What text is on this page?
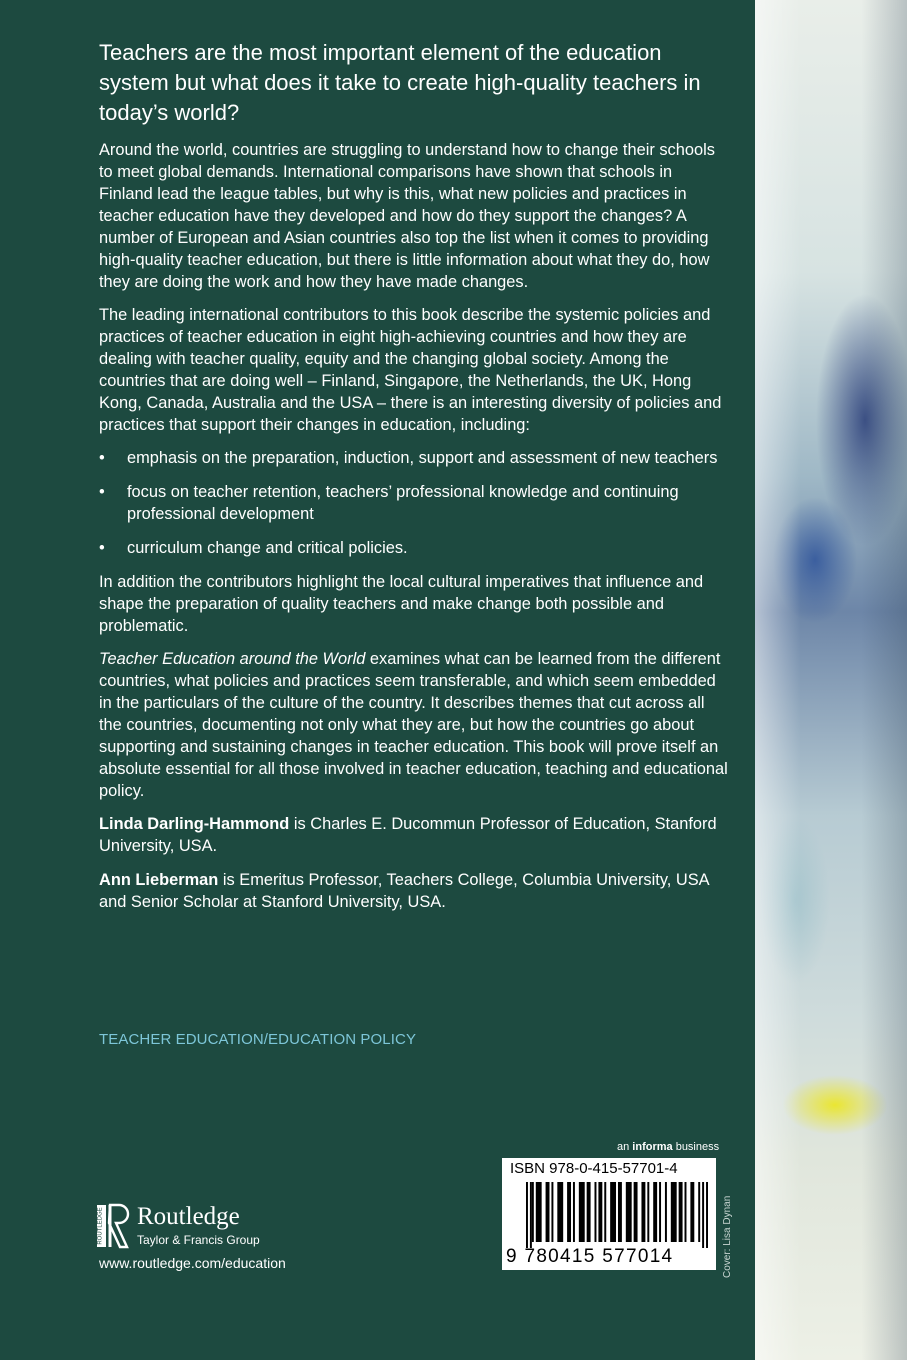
Teachers are the most important element of the education system but what does it take to create high-quality teachers in today’s world?

Around the world, countries are struggling to understand how to change their schools to meet global demands. International comparisons have shown that schools in Finland lead the league tables, but why is this, what new policies and practices in teacher education have they developed and how do they support the changes? A number of European and Asian countries also top the list when it comes to providing high-quality teacher education, but there is little information about what they do, how they are doing the work and how they have made changes.

The leading international contributors to this book describe the systemic policies and practices of teacher education in eight high-achieving countries and how they are dealing with teacher quality, equity and the changing global society. Among the countries that are doing well – Finland, Singapore, the Netherlands, the UK, Hong Kong, Canada, Australia and the USA – there is an interesting diversity of policies and practices that support their changes in education, including:

• emphasis on the preparation, induction, support and assessment of new teachers
• focus on teacher retention, teachers’ professional knowledge and continuing professional development
• curriculum change and critical policies.

In addition the contributors highlight the local cultural imperatives that influence and shape the preparation of quality teachers and make change both possible and problematic.

Teacher Education around the World examines what can be learned from the different countries, what policies and practices seem transferable, and which seem embedded in the particulars of the culture of the country. It describes themes that cut across all the countries, documenting not only what they are, but how the countries go about supporting and sustaining changes in teacher education. This book will prove itself an absolute essential for all those involved in teacher education, teaching and educational policy.

Linda Darling-Hammond is Charles E. Ducommun Professor of Education, Stanford University, USA.

Ann Lieberman is Emeritus Professor, Teachers College, Columbia University, USA and Senior Scholar at Stanford University, USA.

TEACHER EDUCATION/EDUCATION POLICY
an informa business
ISBN 978-0-415-57701-4
9 780415 577014	Cover: Lisa Dynan
ROUTLEDGE Routledge
Taylor & Francis Group
www.routledge.com/education
